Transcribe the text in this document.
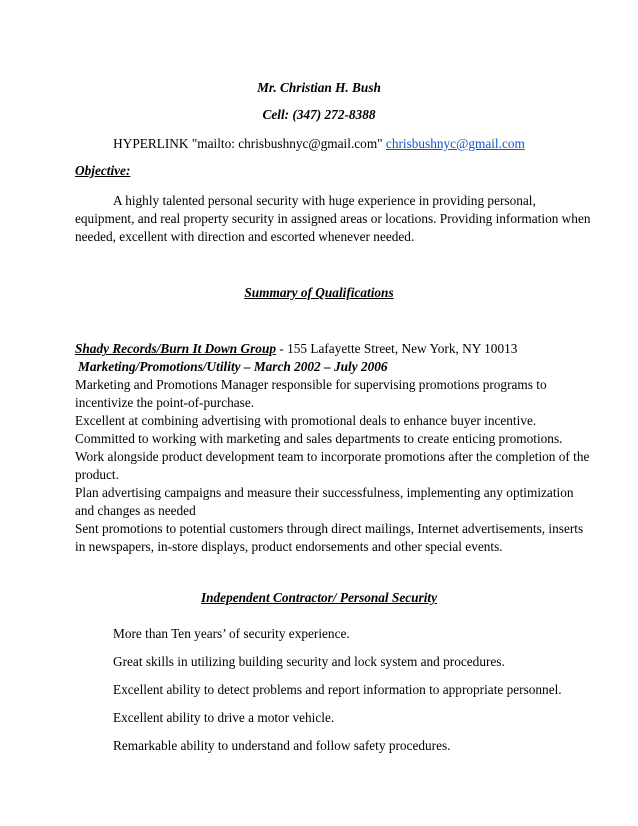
Mr. Christian H. Bush
Cell: (347) 272-8388
HYPERLINK "mailto: chrisbushnyc@gmail.com" chrisbushnyc@gmail.com
Objective:
A highly talented personal security with huge experience in providing personal,
equipment, and real property security in assigned areas or locations. Providing information when
needed, excellent with direction and escorted whenever needed.
Summary of Qualifications
Shady Records/Burn It Down Group - 155 Lafayette Street, New York, NY 10013
Marketing/Promotions/Utility – March 2002 – July 2006
Marketing and Promotions Manager responsible for supervising promotions programs to
incentivize the point-of-purchase.
Excellent at combining advertising with promotional deals to enhance buyer incentive.
Committed to working with marketing and sales departments to create enticing promotions.
Work alongside product development team to incorporate promotions after the completion of the
product.
Plan advertising campaigns and measure their successfulness, implementing any optimization
and changes as needed
Sent promotions to potential customers through direct mailings, Internet advertisements, inserts
in newspapers, in-store displays, product endorsements and other special events.
Independent Contractor/ Personal Security
More than Ten years’ of security experience.
Great skills in utilizing building security and lock system and procedures.
Excellent ability to detect problems and report information to appropriate personnel.
Excellent ability to drive a motor vehicle.
Remarkable ability to understand and follow safety procedures.
